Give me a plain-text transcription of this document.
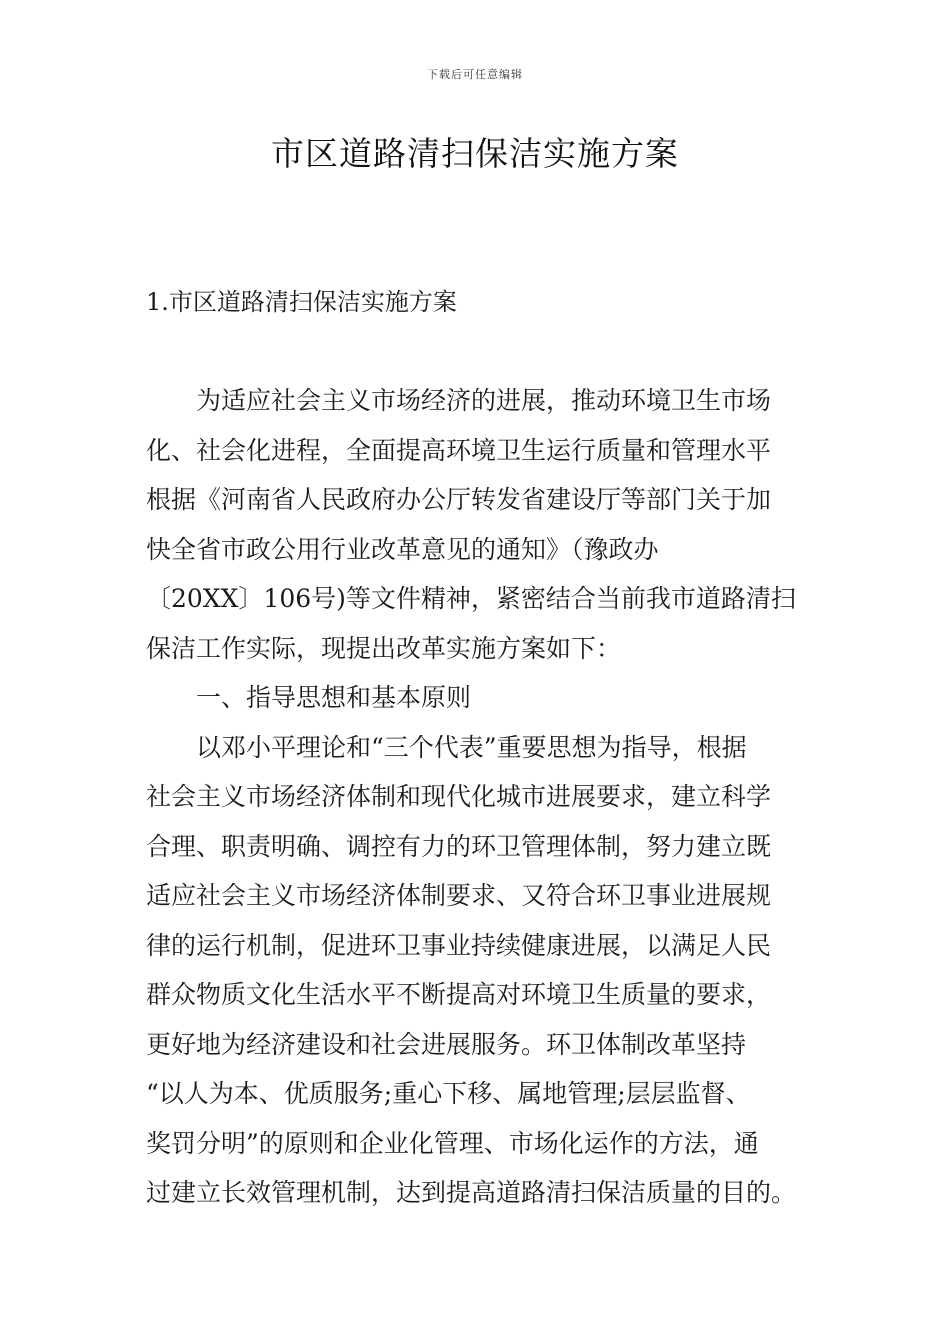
下载后可任意编辑
市区道路清扫保洁实施方案
1.市区道路清扫保洁实施方案

为适应社会主义市场经济的进展，推动环境卫生市场
化、社会化进程，全面提高环境卫生运行质量和管理水平
根据《河南省人民政府办公厅转发省建设厅等部门关于加
快全省市政公用行业改革意见的通知》（豫政办
〔20XX〕106号)等文件精神，紧密结合当前我市道路清扫
保洁工作实际，现提出改革实施方案如下：

一、指导思想和基本原则

以邓小平理论和“三个代表”重要思想为指导，根据
社会主义市场经济体制和现代化城市进展要求，建立科学
合理、职责明确、调控有力的环卫管理体制，努力建立既
适应社会主义市场经济体制要求、又符合环卫事业进展规
律的运行机制，促进环卫事业持续健康进展，以满足人民
群众物质文化生活水平不断提高对环境卫生质量的要求，
更好地为经济建设和社会进展服务。环卫体制改革坚持
“以人为本、优质服务;重心下移、属地管理;层层监督、
奖罚分明”的原则和企业化管理、市场化运作的方法，通
过建立长效管理机制，达到提高道路清扫保洁质量的目的。
